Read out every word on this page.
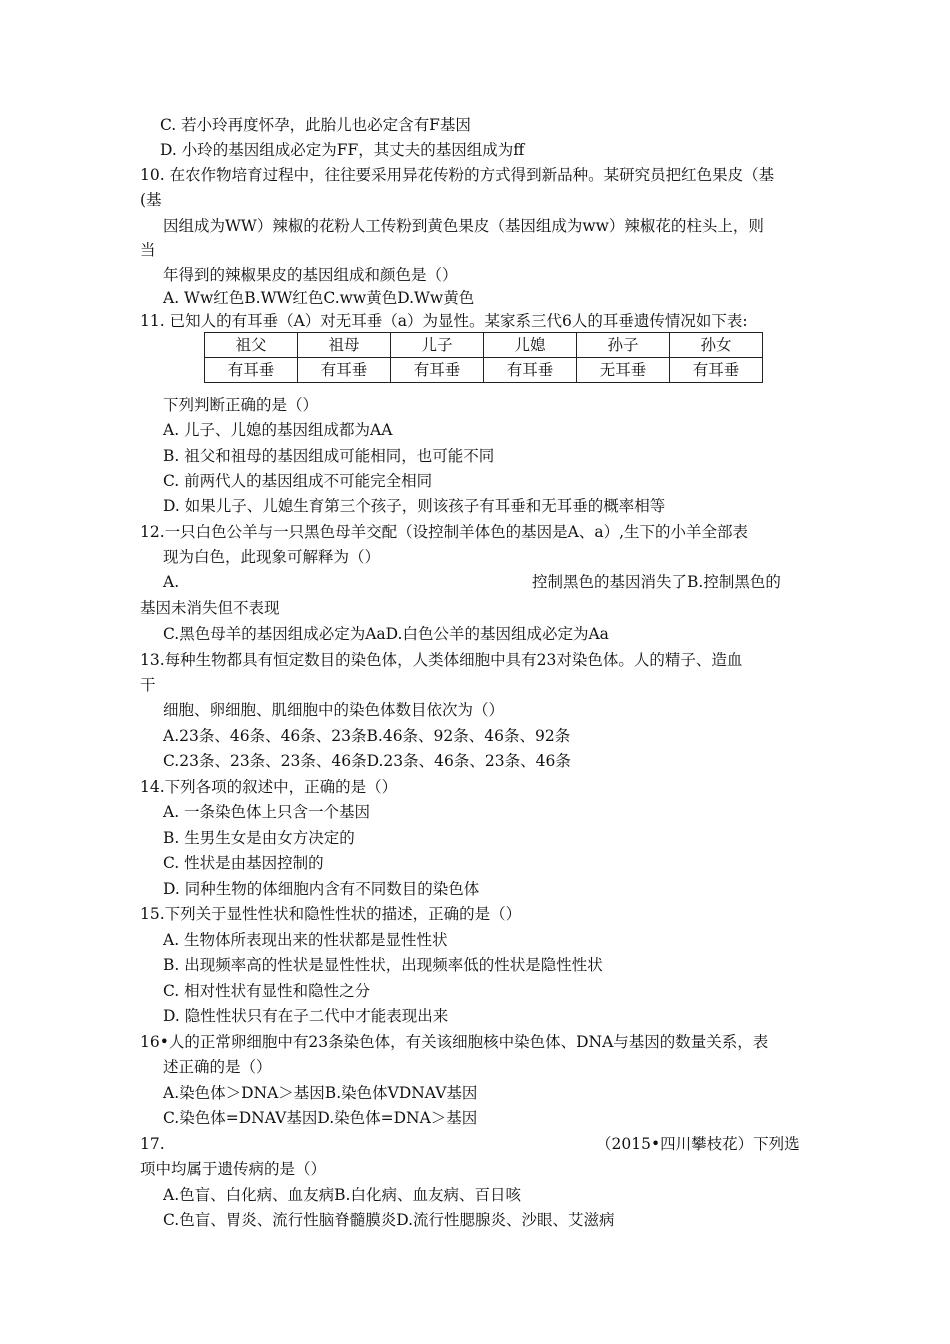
C. 若小玲再度怀孕，此胎儿也必定含有F基因
D. 小玲的基因组成必定为FF，其丈夫的基因组成为ff
10. 在农作物培育过程中，往往要采用异花传粉的方式得到新品种。某研究员把红色果皮（基
(基
因组成为WW）辣椒的花粉人工传粉到黄色果皮（基因组成为ww）辣椒花的柱头上，则
当
年得到的辣椒果皮的基因组成和颜色是（）
A. Ww红色B.WW红色C.ww黄色D.Ww黄色
11. 已知人的有耳垂（A）对无耳垂（a）为显性。某家系三代6人的耳垂遗传情况如下表:
下列判断正确的是（）
A. 儿子、儿媳的基因组成都为AA
B. 祖父和祖母的基因组成可能相同，也可能不同
C. 前两代人的基因组成不可能完全相同
D. 如果儿子、儿媳生育第三个孩子，则该孩子有耳垂和无耳垂的概率相等
12.一只白色公羊与一只黑色母羊交配（设控制羊体色的基因是A、a）,生下的小羊全部表
现为白色，此现象可解释为（）
A.	控制黑色的基因消失了B.控制黑色的
基因未消失但不表现
C.黑色母羊的基因组成必定为AaD.白色公羊的基因组成必定为Aa
13.每种生物都具有恒定数目的染色体，人类体细胞中具有23对染色体。人的精子、造血
干
细胞、卵细胞、肌细胞中的染色体数目依次为（）
A.23条、46条、46条、23条B.46条、92条、46条、92条
C.23条、23条、23条、46条D.23条、46条、23条、46条
14.下列各项的叙述中，正确的是（）
A. 一条染色体上只含一个基因
B. 生男生女是由女方决定的
C. 性状是由基因控制的
D. 同种生物的体细胞内含有不同数目的染色体
15.下列关于显性性状和隐性性状的描述，正确的是（）
A. 生物体所表现出来的性状都是显性性状
B. 出现频率高的性状是显性性状，出现频率低的性状是隐性性状
C. 相对性状有显性和隐性之分
D. 隐性性状只有在子二代中才能表现出来
16•人的正常卵细胞中有23条染色体，有关该细胞核中染色体、DNA与基因的数量关系，表
述正确的是（）
A.染色体＞DNA＞基因B.染色体VDNAV基因
C.染色体=DNAV基因D.染色体=DNA＞基因
17.	（2015•四川攀枝花）下列选
项中均属于遗传病的是（）
A.色盲、白化病、血友病B.白化病、血友病、百日咳
C.色盲、胃炎、流行性脑脊髓膜炎D.流行性腮腺炎、沙眼、艾滋病
祖父	祖母	儿子	儿媳	孙子	孙女
有耳垂	有耳垂	有耳垂	有耳垂	无耳垂	有耳垂
